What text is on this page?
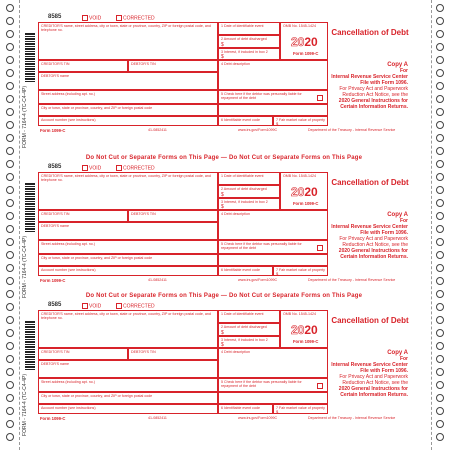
Do Not Cut or Separate Forms on This Page — Do Not Cut or Separate Forms on This Page
Do Not Cut or Separate Forms on This Page — Do Not Cut or Separate Forms on This Page
8585	VOID	CORRECTED
CREDITOR'S name, street address, city or town, state or province, country, ZIP or foreign postal code, and telephone no.
1 Date of identifiable event	OMB No. 1545-1424
2020
Form 1099-C
2 Amount of debt discharged
$
3 Interest, if included in box 2
$
Cancellation of Debt
CREDITOR'S TIN	DEBTOR'S TIN	4 Debt description	Copy A
For
Internal Revenue Service Center
File with Form 1096.
For Privacy Act and Paperwork Reduction Act Notice, see the
2020 General Instructions for Certain Information Returns.
DEBTOR'S name
Street address (including apt. no.)	5 Check here if the debtor was personally liable for repayment of the debt
City or town, state or province, country, and ZIP or foreign postal code
Account number (see instructions)	6 Identifiable event code	7 Fair market value of property
$
Form 1099-C	41-0852411	www.irs.gov/Form1099C	Department of the Treasury - Internal Revenue Service
8585	VOID	CORRECTED
CREDITOR'S name, street address, city or town, state or province, country, ZIP or foreign postal code, and telephone no.
1 Date of identifiable event	OMB No. 1545-1424
2020
Form 1099-C
2 Amount of debt discharged
$
3 Interest, if included in box 2
$
Cancellation of Debt
CREDITOR'S TIN	DEBTOR'S TIN	4 Debt description	Copy A
For
Internal Revenue Service Center
File with Form 1096.
For Privacy Act and Paperwork Reduction Act Notice, see the
2020 General Instructions for Certain Information Returns.
DEBTOR'S name
Street address (including apt. no.)	5 Check here if the debtor was personally liable for repayment of the debt
City or town, state or province, country, and ZIP or foreign postal code
Account number (see instructions)	6 Identifiable event code	7 Fair market value of property
$
Form 1099-C	41-0852411	www.irs.gov/Form1099C	Department of the Treasury - Internal Revenue Service
8585	VOID	CORRECTED
CREDITOR'S name, street address, city or town, state or province, country, ZIP or foreign postal code, and telephone no.
1 Date of identifiable event	OMB No. 1545-1424
2020
Form 1099-C
2 Amount of debt discharged
$
3 Interest, if included in box 2
$
Cancellation of Debt
CREDITOR'S TIN	DEBTOR'S TIN	4 Debt description	Copy A
For
Internal Revenue Service Center
File with Form 1096.
For Privacy Act and Paperwork Reduction Act Notice, see the
2020 General Instructions for Certain Information Returns.
DEBTOR'S name
Street address (including apt. no.)	5 Check here if the debtor was personally liable for repayment of the debt
City or town, state or province, country, and ZIP or foreign postal code
Account number (see instructions)	6 Identifiable event code	7 Fair market value of property
$
Form 1099-C	41-0852411	www.irs.gov/Form1099C	Department of the Treasury - Internal Revenue Service
FORM - 7164-4 (TC-C4-4P)
FORM - 7164-4 (TC-C4-4P)
FORM - 7164-4 (TC-C4-4P)
